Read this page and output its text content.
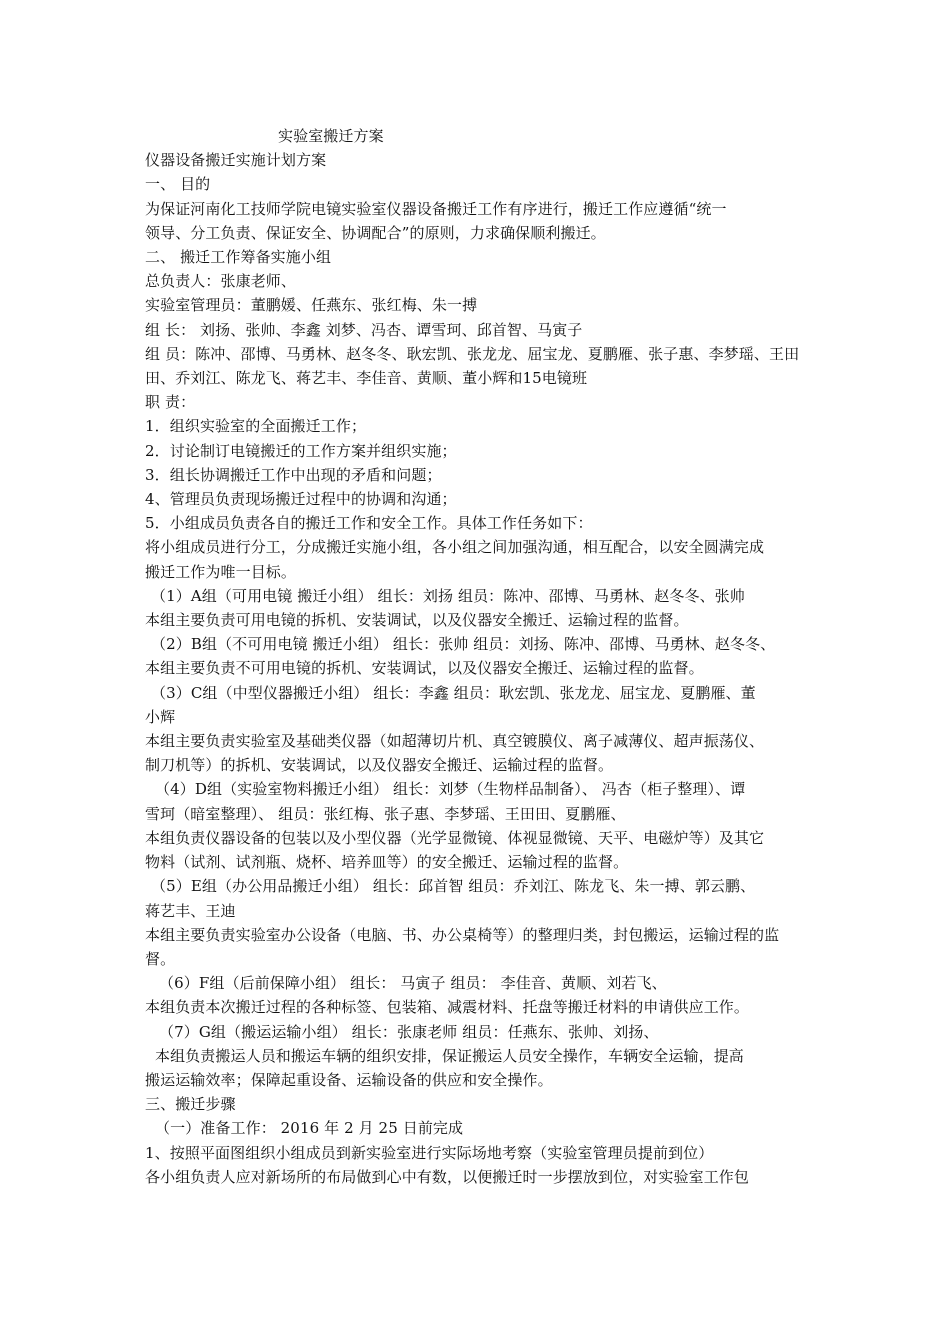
实验室搬迁方案
仪器设备搬迁实施计划方案
一、 目的
为保证河南化工技师学院电镜实验室仪器设备搬迁工作有序进行，搬迁工作应遵循“统一
领导、分工负责、保证安全、协调配合”的原则，力求确保顺利搬迁。
二、 搬迁工作筹备实施小组
总负责人：张康老师、
实验室管理员：董鹏媛、任燕东、张红梅、朱一搏
组 长： 刘扬、张帅、李鑫 刘梦、冯杏、谭雪珂、邱首智、马寅子
组 员：陈冲、邵博、马勇林、赵冬冬、耿宏凯、张龙龙、屈宝龙、夏鹏雁、张子惠、李梦瑶、王田
田、乔刘江、陈龙飞、蒋艺丰、李佳音、黄顺、董小辉和15电镜班
职 责：
1．组织实验室的全面搬迁工作；
2．讨论制订电镜搬迁的工作方案并组织实施；
3．组长协调搬迁工作中出现的矛盾和问题；
4、管理员负责现场搬迁过程中的协调和沟通；
5．小组成员负责各自的搬迁工作和安全工作。具体工作任务如下：
将小组成员进行分工，分成搬迁实施小组，各小组之间加强沟通，相互配合，以安全圆满完成
搬迁工作为唯一目标。
（1）A组（可用电镜 搬迁小组） 组长：刘扬 组员：陈冲、邵博、马勇林、赵冬冬、张帅
本组主要负责可用电镜的拆机、安装调试，以及仪器安全搬迁、运输过程的监督。
（2）B组（不可用电镜 搬迁小组） 组长：张帅 组员：刘扬、陈冲、邵博、马勇林、赵冬冬、
本组主要负责不可用电镜的拆机、安装调试，以及仪器安全搬迁、运输过程的监督。
（3）C组（中型仪器搬迁小组） 组长：李鑫 组员：耿宏凯、张龙龙、屈宝龙、夏鹏雁、董
小辉
本组主要负责实验室及基础类仪器（如超薄切片机、真空镀膜仪、离子减薄仪、超声振荡仪、
制刀机等）的拆机、安装调试，以及仪器安全搬迁、运输过程的监督。
（4）D组（实验室物料搬迁小组） 组长：刘梦（生物样品制备）、 冯杏（柜子整理）、谭
雪珂（暗室整理）、 组员：张红梅、张子惠、李梦瑶、王田田、夏鹏雁、
本组负责仪器设备的包装以及小型仪器（光学显微镜、体视显微镜、天平、电磁炉等）及其它
物料（试剂、试剂瓶、烧杯、培养皿等）的安全搬迁、运输过程的监督。
（5）E组（办公用品搬迁小组） 组长：邱首智 组员：乔刘江、陈龙飞、朱一搏、郭云鹏、
蒋艺丰、王迪
本组主要负责实验室办公设备（电脑、书、办公桌椅等）的整理归类，封包搬运，运输过程的监
督。
（6）F组（后前保障小组） 组长： 马寅子 组员： 李佳音、黄顺、刘若飞、
本组负责本次搬迁过程的各种标签、包装箱、减震材料、托盘等搬迁材料的申请供应工作。
（7）G组（搬运运输小组） 组长：张康老师 组员：任燕东、张帅、刘扬、
本组负责搬运人员和搬运车辆的组织安排，保证搬运人员安全操作，车辆安全运输，提高
搬运运输效率；保障起重设备、运输设备的供应和安全操作。
三、搬迁步骤
（一）准备工作： 2016 年 2 月 25 日前完成
1、按照平面图组织小组成员到新实验室进行实际场地考察（实验室管理员提前到位）
各小组负责人应对新场所的布局做到心中有数，以便搬迁时一步摆放到位，对实验室工作包
